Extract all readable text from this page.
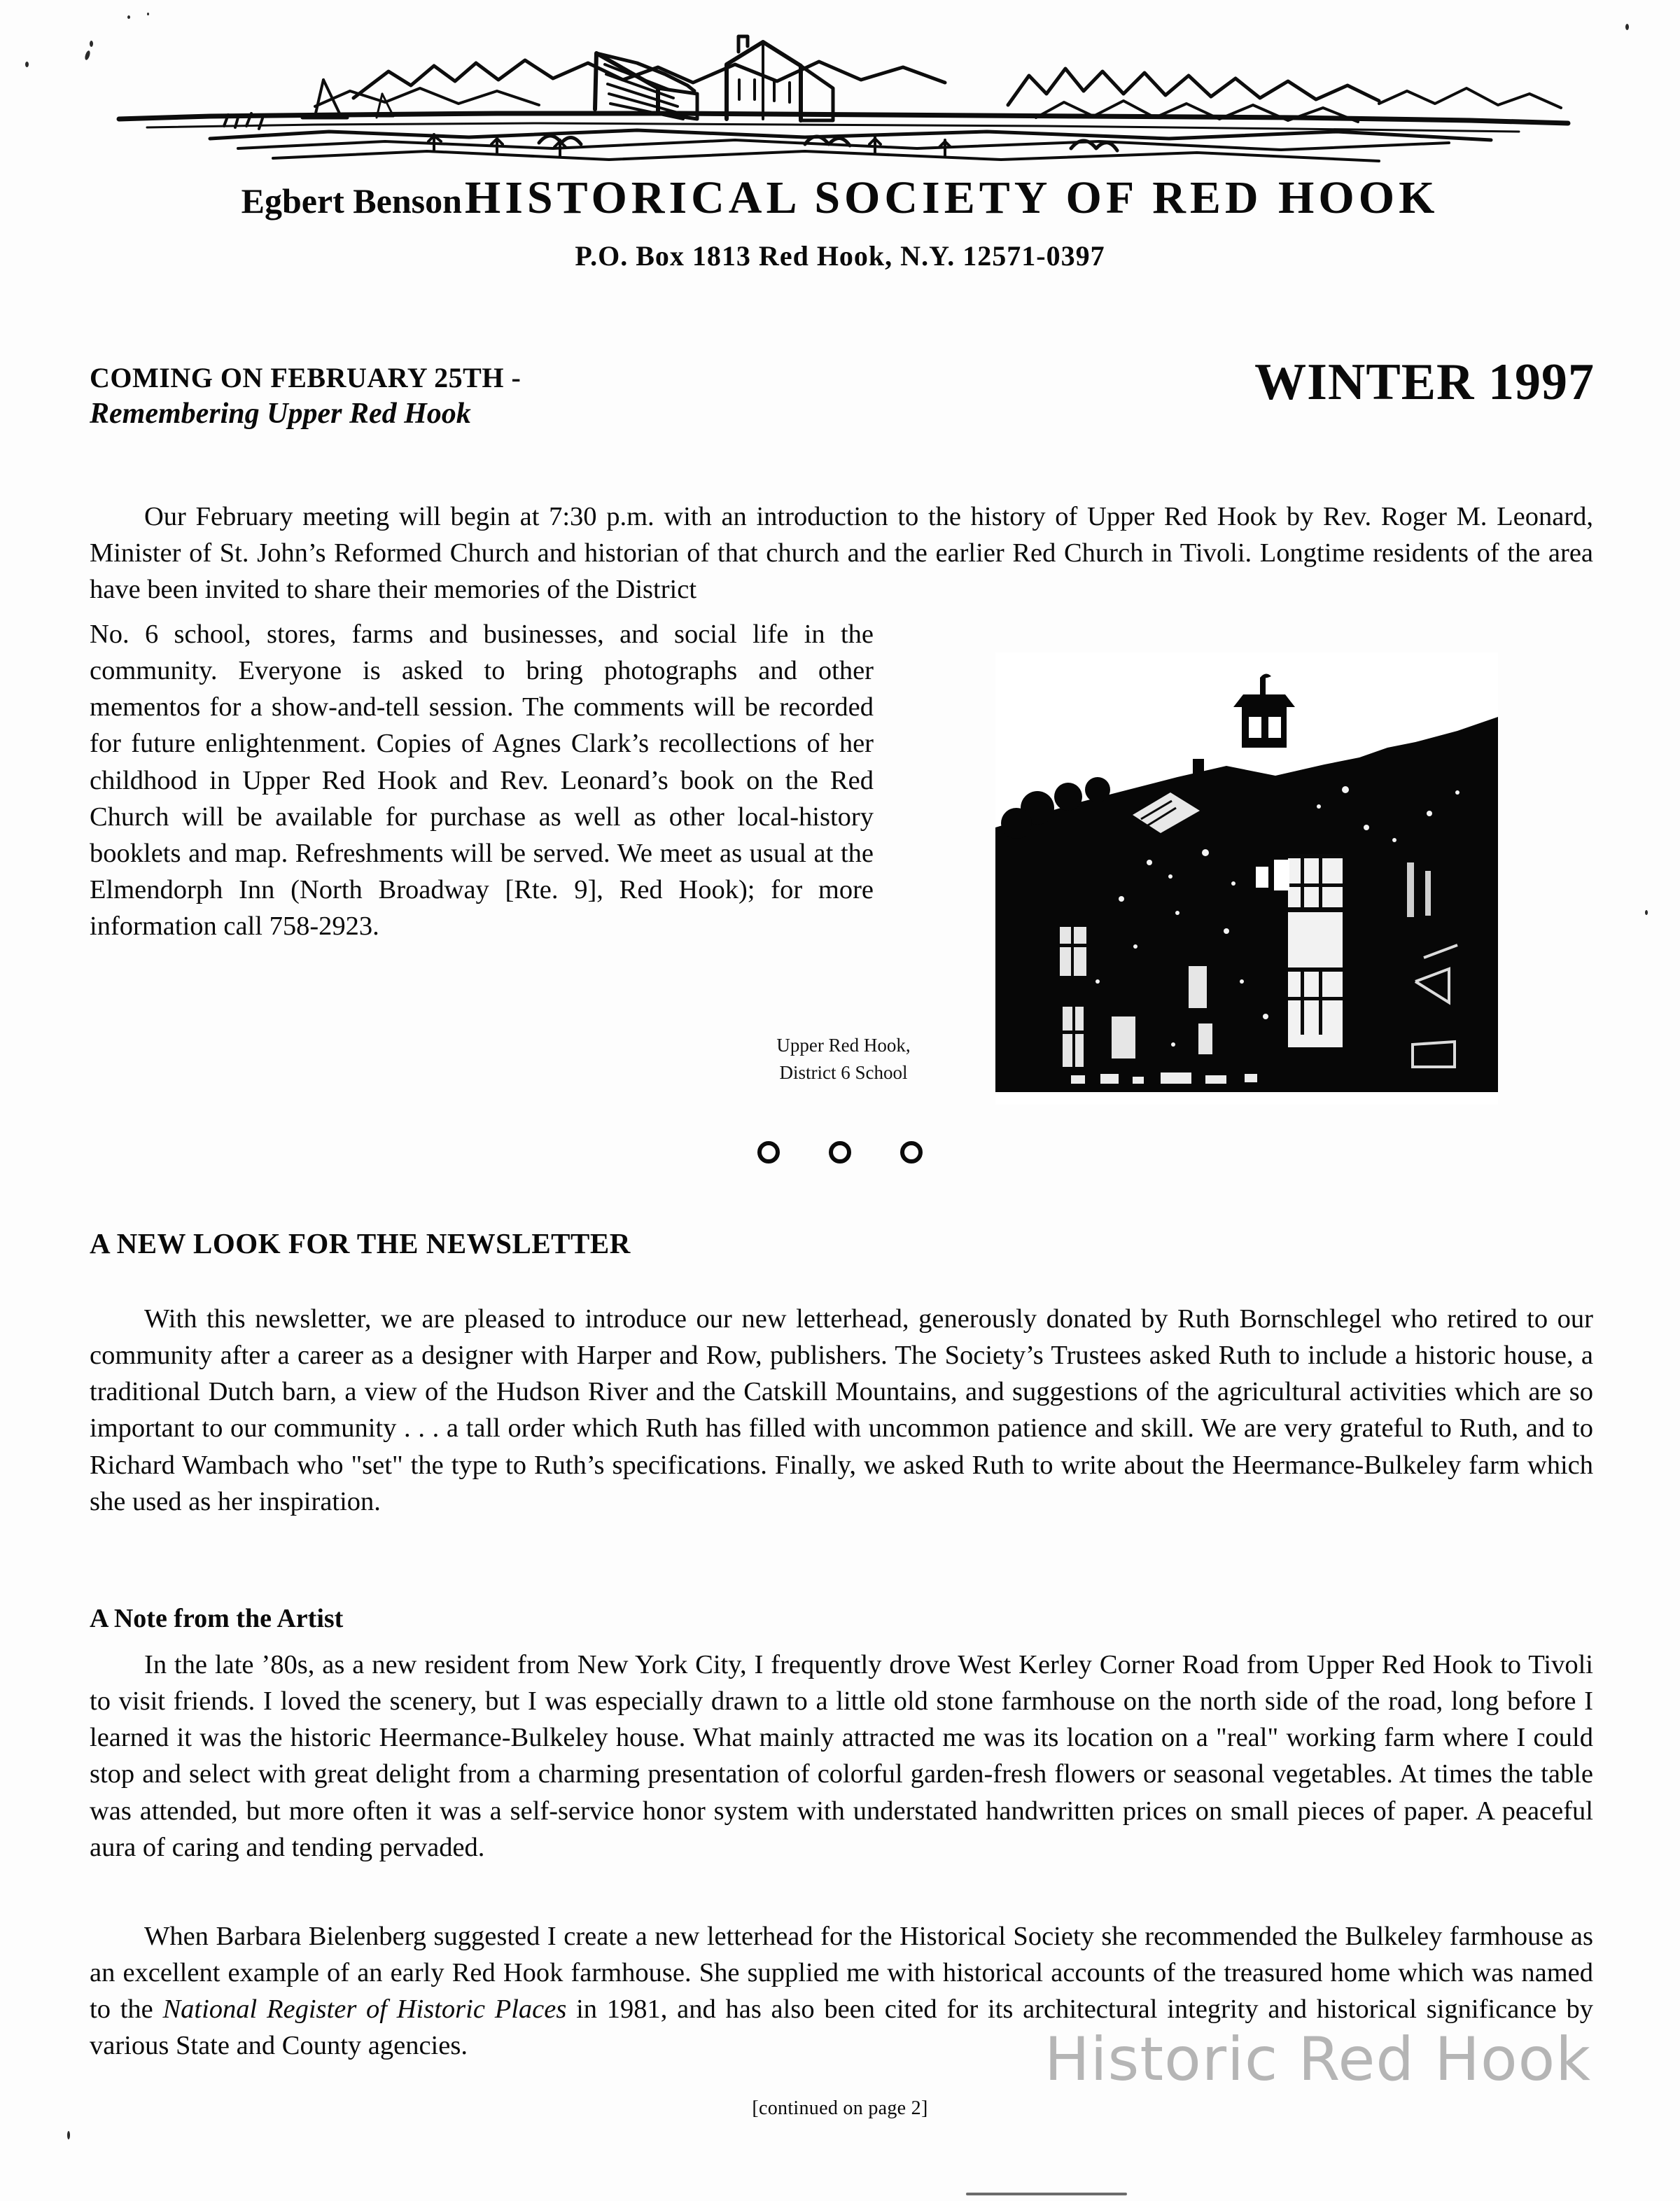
Egbert Benson HISTORICAL SOCIETY OF RED HOOK
P.O. Box 1813 Red Hook, N.Y. 12571-0397
COMING ON FEBRUARY 25TH -
Remembering Upper Red Hook
WINTER 1997
Our February meeting will begin at 7:30 p.m. with an introduction to the history of Upper Red Hook by Rev. Roger M. Leonard, Minister of St. John’s Reformed Church and historian of that church and the earlier Red Church in Tivoli. Longtime residents of the area have been invited to share their memories of the District
No. 6 school, stores, farms and businesses, and social life in the community. Everyone is asked to bring photographs and other mementos for a show-and-tell session. The comments will be recorded for future enlightenment. Copies of Agnes Clark’s recollections of her childhood in Upper Red Hook and Rev. Leonard’s book on the Red Church will be available for purchase as well as other local-history booklets and map. Refreshments will be served. We meet as usual at the Elmendorph Inn (North Broadway [Rte. 9], Red Hook); for more information call 758-2923.
Upper Red Hook,
District 6 School

A NEW LOOK FOR THE NEWSLETTER
With this newsletter, we are pleased to introduce our new letterhead, generously donated by Ruth Bornschlegel who retired to our community after a career as a designer with Harper and Row, publishers. The Society’s Trustees asked Ruth to include a historic house, a traditional Dutch barn, a view of the Hudson River and the Catskill Mountains, and suggestions of the agricultural activities which are so important to our community . . . a tall order which Ruth has filled with uncommon patience and skill. We are very grateful to Ruth, and to Richard Wambach who "set" the type to Ruth’s specifications. Finally, we asked Ruth to write about the Heermance-Bulkeley farm which she used as her inspiration.
A Note from the Artist
In the late ’80s, as a new resident from New York City, I frequently drove West Kerley Corner Road from Upper Red Hook to Tivoli to visit friends. I loved the scenery, but I was especially drawn to a little old stone farmhouse on the north side of the road, long before I learned it was the historic Heermance-Bulkeley house. What mainly attracted me was its location on a "real" working farm where I could stop and select with great delight from a charming presentation of colorful garden-fresh flowers or seasonal vegetables. At times the table was attended, but more often it was a self-service honor system with understated handwritten prices on small pieces of paper. A peaceful aura of caring and tending pervaded.
When Barbara Bielenberg suggested I create a new letterhead for the Historical Society she recommended the Bulkeley farmhouse as an excellent example of an early Red Hook farmhouse. She supplied me with historical accounts of the treasured home which was named to the National Register of Historic Places in 1981, and has also been cited for its architectural integrity and historical significance by various State and County agencies.
[continued on page 2]
Historic Red Hook
